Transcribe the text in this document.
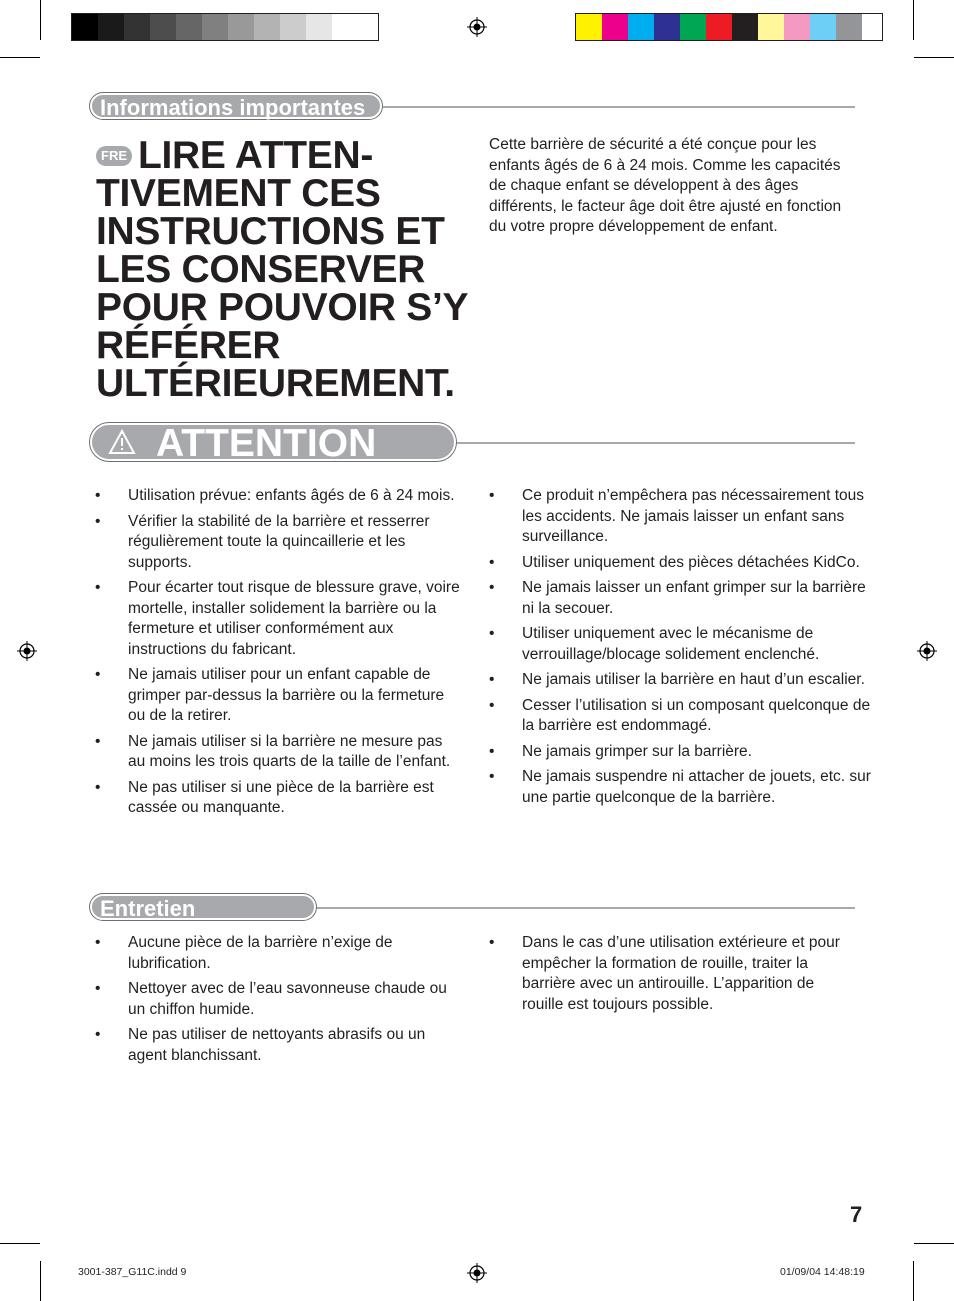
Informations importantes
FRE LIRE ATTEN-TIVEMENT CES INSTRUCTIONS ET LES CONSERVER POUR POUVOIR S’Y RÉFÉRER ULTÉRIEUREMENT.
Cette barrière de sécurité a été conçue pour les enfants âgés de 6 à 24 mois. Comme les capacités de chaque enfant se développent à des âges différents, le facteur âge doit être ajusté en fonction du votre propre développement de enfant.
ATTENTION
• Utilisation prévue: enfants âgés de 6 à 24 mois.
• Vérifier la stabilité de la barrière et resserrer régulièrement toute la quincaillerie et les supports.
• Pour écarter tout risque de blessure grave, voire mortelle, installer solidement la barrière ou la fermeture et utiliser conformément aux instructions du fabricant.
• Ne jamais utiliser pour un enfant capable de grimper par-dessus la barrière ou la fermeture ou de la retirer.
• Ne jamais utiliser si la barrière ne mesure pas au moins les trois quarts de la taille de l’enfant.
• Ne pas utiliser si une pièce de la barrière est cassée ou manquante.
• Ce produit n’empêchera pas nécessairement tous les accidents. Ne jamais laisser un enfant sans surveillance.
• Utiliser uniquement des pièces détachées KidCo.
• Ne jamais laisser un enfant grimper sur la barrière ni la secouer.
• Utiliser uniquement avec le mécanisme de verrouillage/blocage solidement enclenché.
• Ne jamais utiliser la barrière en haut d’un escalier.
• Cesser l’utilisation si un composant quelconque de la barrière est endommagé.
• Ne jamais grimper sur la barrière.
• Ne jamais suspendre ni attacher de jouets, etc. sur une partie quelconque de la barrière.
Entretien
• Aucune pièce de la barrière n’exige de lubrification.
• Nettoyer avec de l’eau savonneuse chaude ou un chiffon humide.
• Ne pas utiliser de nettoyants abrasifs ou un agent blanchissant.
• Dans le cas d’une utilisation extérieure et pour empêcher la formation de rouille, traiter la barrière avec un antirouille. L’apparition de rouille est toujours possible.
7
3001-387_G11C.indd 9	01/09/04 14:48:19
